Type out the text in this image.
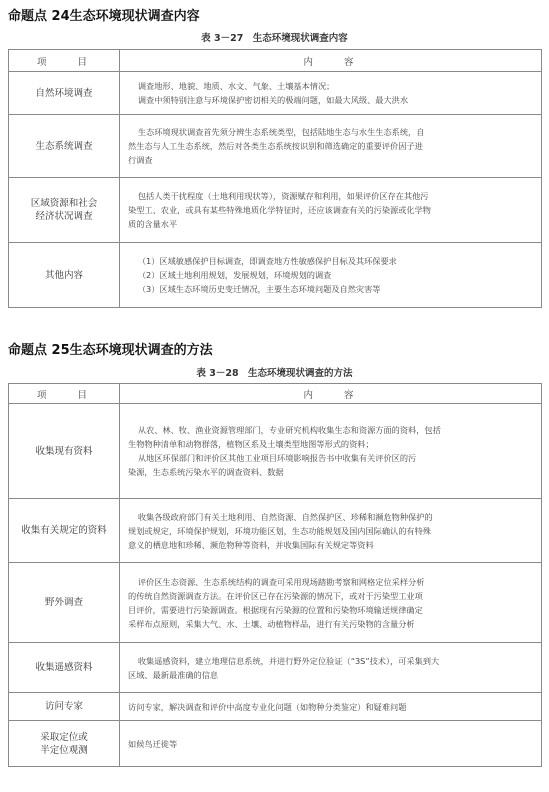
命题点 24生态环境现状调查内容
表 3－27　生态环境现状调查内容
项　　目	内　　容
自然环境调查	调查地形、地貌、地质、水文、气象、土壤基本情况；
调查中须特别注意与环境保护密切相关的极端问题，如最大风级、最大洪水

生态系统调查	生态环境现状调查首先须分辨生态系统类型，包括陆地生态与水生生态系统，自
然生态与人工生态系统，然后对各类生态系统按识别和筛选确定的重要评价因子进
行调查

区域资源和社会
经济状况调查	包括人类干扰程度（土地利用现状等），资源赋存和利用，如果评价区存在其他污
染型工、农业，或具有某些特殊地质化学特征时，还应该调查有关的污染源或化学物
质的含量水平

其他内容	（1）区域敏感保护目标调查，即调查地方性敏感保护目标及其环保要求
（2）区域土地利用规划，发展规划，环境规划的调查
（3）区域生态环境历史变迁情况，主要生态环境问题及自然灾害等
命题点 25生态环境现状调查的方法
表 3－28　生态环境现状调查的方法
项　　目	内　　容
收集现有资料	从农、林、牧、渔业资源管理部门，专业研究机构收集生态和资源方面的资料，包括
生物物种清单和动物群落，植物区系及土壤类型地图等形式的资料；
从地区环保部门和评价区其他工业项目环境影响报告书中收集有关评价区的污
染源，生态系统污染水平的调查资料、数据

收集有关规定的资料	收集各级政府部门有关土地利用、自然资源、自然保护区、珍稀和濒危物种保护的
规划或规定，环境保护规划，环境功能区划，生态功能规划及国内国际确认的有特殊
意义的栖息地和珍稀、濒危物种等资料，并收集国际有关规定等资料

野外调查	评价区生态资源、生态系统结构的调查可采用现场踏勘考察和网格定位采样分析
的传统自然资源调查方法。在评价区已存在污染源的情况下，或对于污染型工业项
目评价，需要进行污染源调查。根据现有污染源的位置和污染物环境输送规律确定
采样布点原则，采集大气、水、土壤、动植物样品，进行有关污染物的含量分析

收集遥感资料	收集遥感资料，建立地理信息系统，并进行野外定位验证（“3S”技术），可采集到大
区域、最新最准确的信息

访问专家	访问专家，解决调查和评价中高度专业化问题（如物种分类鉴定）和疑难问题

采取定位或
半定位观测	如候鸟迁徙等
